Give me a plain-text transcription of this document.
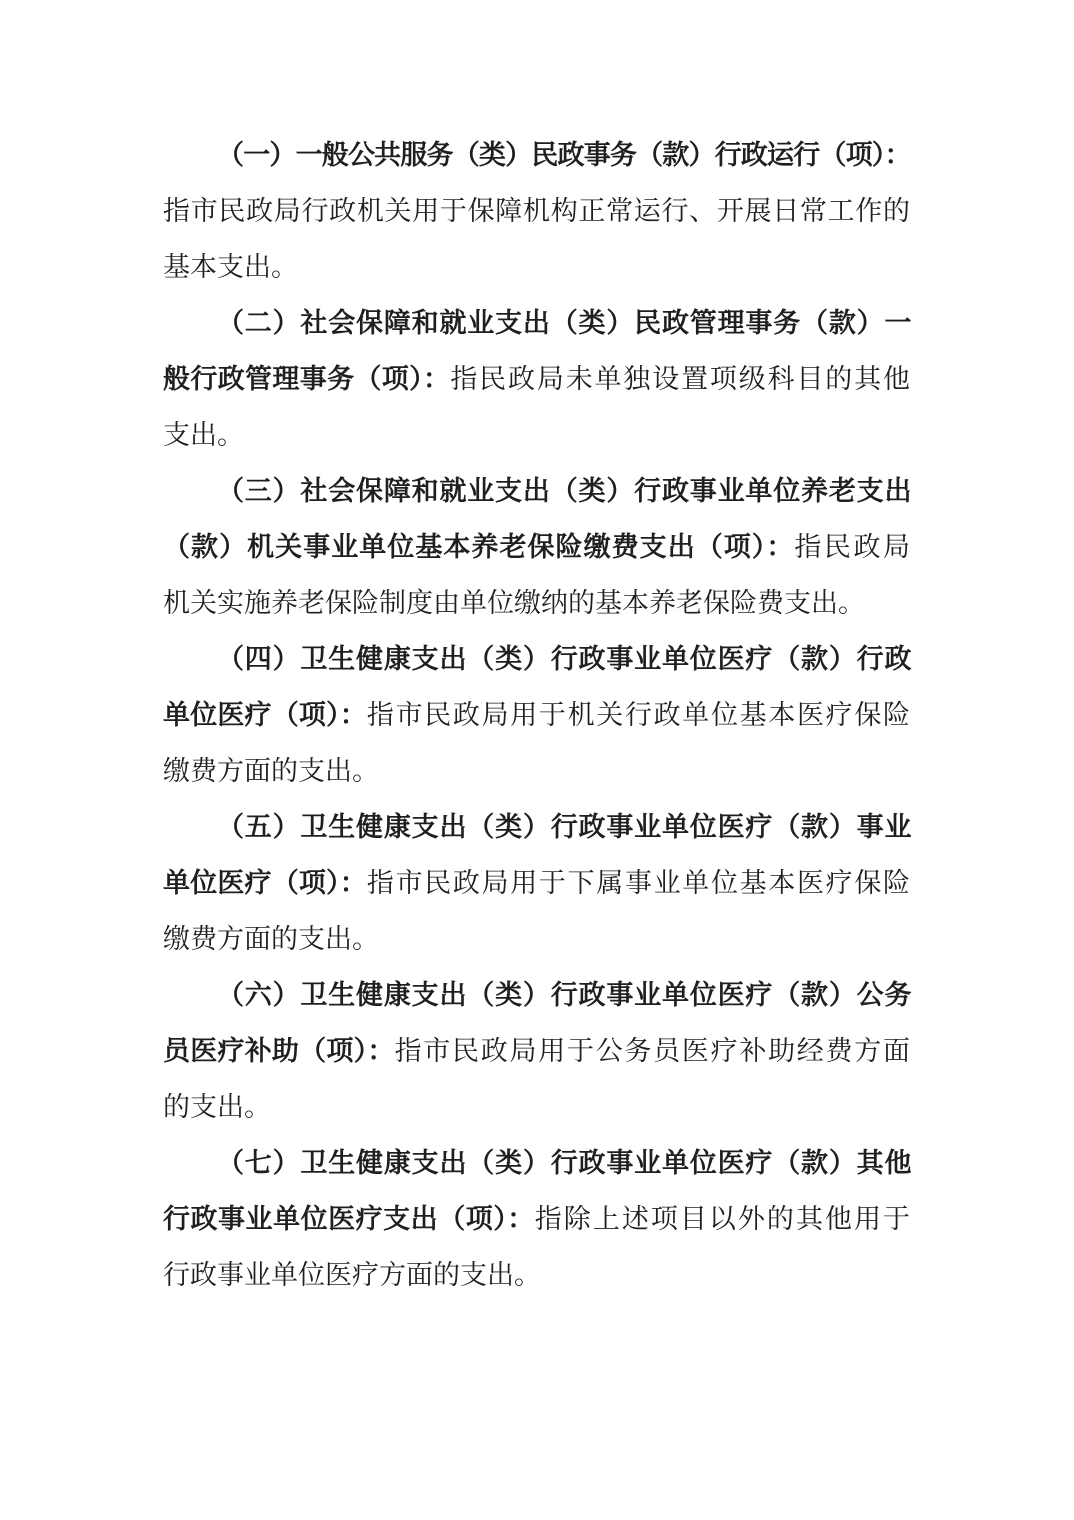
（一）一般公共服务（类）民政事务（款）行政运行（项）：
指市民政局行政机关用于保障机构正常运行、开展日常工作的
基本支出。
（二）社会保障和就业支出（类）民政管理事务（款）一
般行政管理事务（项）：指民政局未单独设置项级科目的其他
支出。
（三）社会保障和就业支出（类）行政事业单位养老支出
（款）机关事业单位基本养老保险缴费支出（项）：指民政局
机关实施养老保险制度由单位缴纳的基本养老保险费支出。
（四）卫生健康支出（类）行政事业单位医疗（款）行政
单位医疗（项）：指市民政局用于机关行政单位基本医疗保险
缴费方面的支出。
（五）卫生健康支出（类）行政事业单位医疗（款）事业
单位医疗（项）：指市民政局用于下属事业单位基本医疗保险
缴费方面的支出。
（六）卫生健康支出（类）行政事业单位医疗（款）公务
员医疗补助（项）：指市民政局用于公务员医疗补助经费方面
的支出。
（七）卫生健康支出（类）行政事业单位医疗（款）其他
行政事业单位医疗支出（项）：指除上述项目以外的其他用于
行政事业单位医疗方面的支出。
